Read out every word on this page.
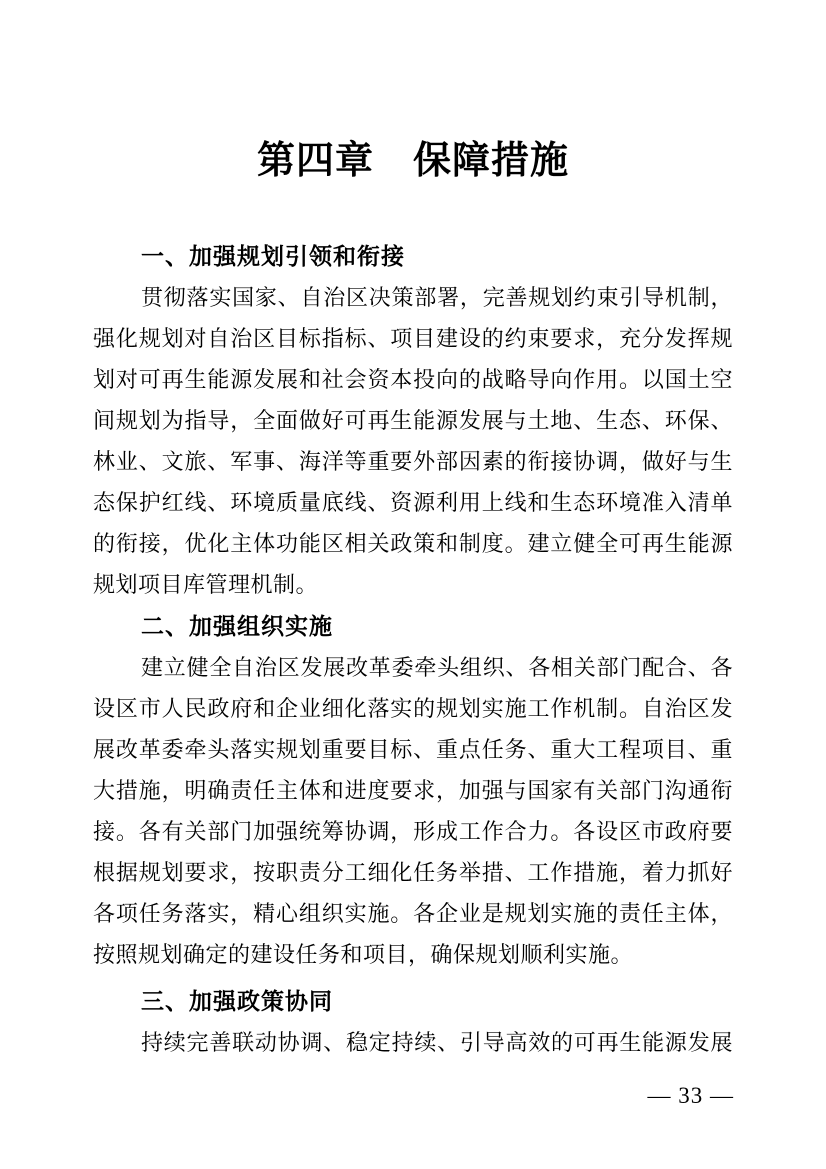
第四章　保障措施
一、加强规划引领和衔接
贯彻落实国家、自治区决策部署，完善规划约束引导机制，
强化规划对自治区目标指标、项目建设的约束要求，充分发挥规
划对可再生能源发展和社会资本投向的战略导向作用。以国土空
间规划为指导，全面做好可再生能源发展与土地、生态、环保、
林业、文旅、军事、海洋等重要外部因素的衔接协调，做好与生
态保护红线、环境质量底线、资源利用上线和生态环境准入清单
的衔接，优化主体功能区相关政策和制度。建立健全可再生能源
规划项目库管理机制。
二、加强组织实施
建立健全自治区发展改革委牵头组织、各相关部门配合、各
设区市人民政府和企业细化落实的规划实施工作机制。自治区发
展改革委牵头落实规划重要目标、重点任务、重大工程项目、重
大措施，明确责任主体和进度要求，加强与国家有关部门沟通衔
接。各有关部门加强统筹协调，形成工作合力。各设区市政府要
根据规划要求，按职责分工细化任务举措、工作措施，着力抓好
各项任务落实，精心组织实施。各企业是规划实施的责任主体，
按照规划确定的建设任务和项目，确保规划顺利实施。
三、加强政策协同
持续完善联动协调、稳定持续、引导高效的可再生能源发展
— 33 —
